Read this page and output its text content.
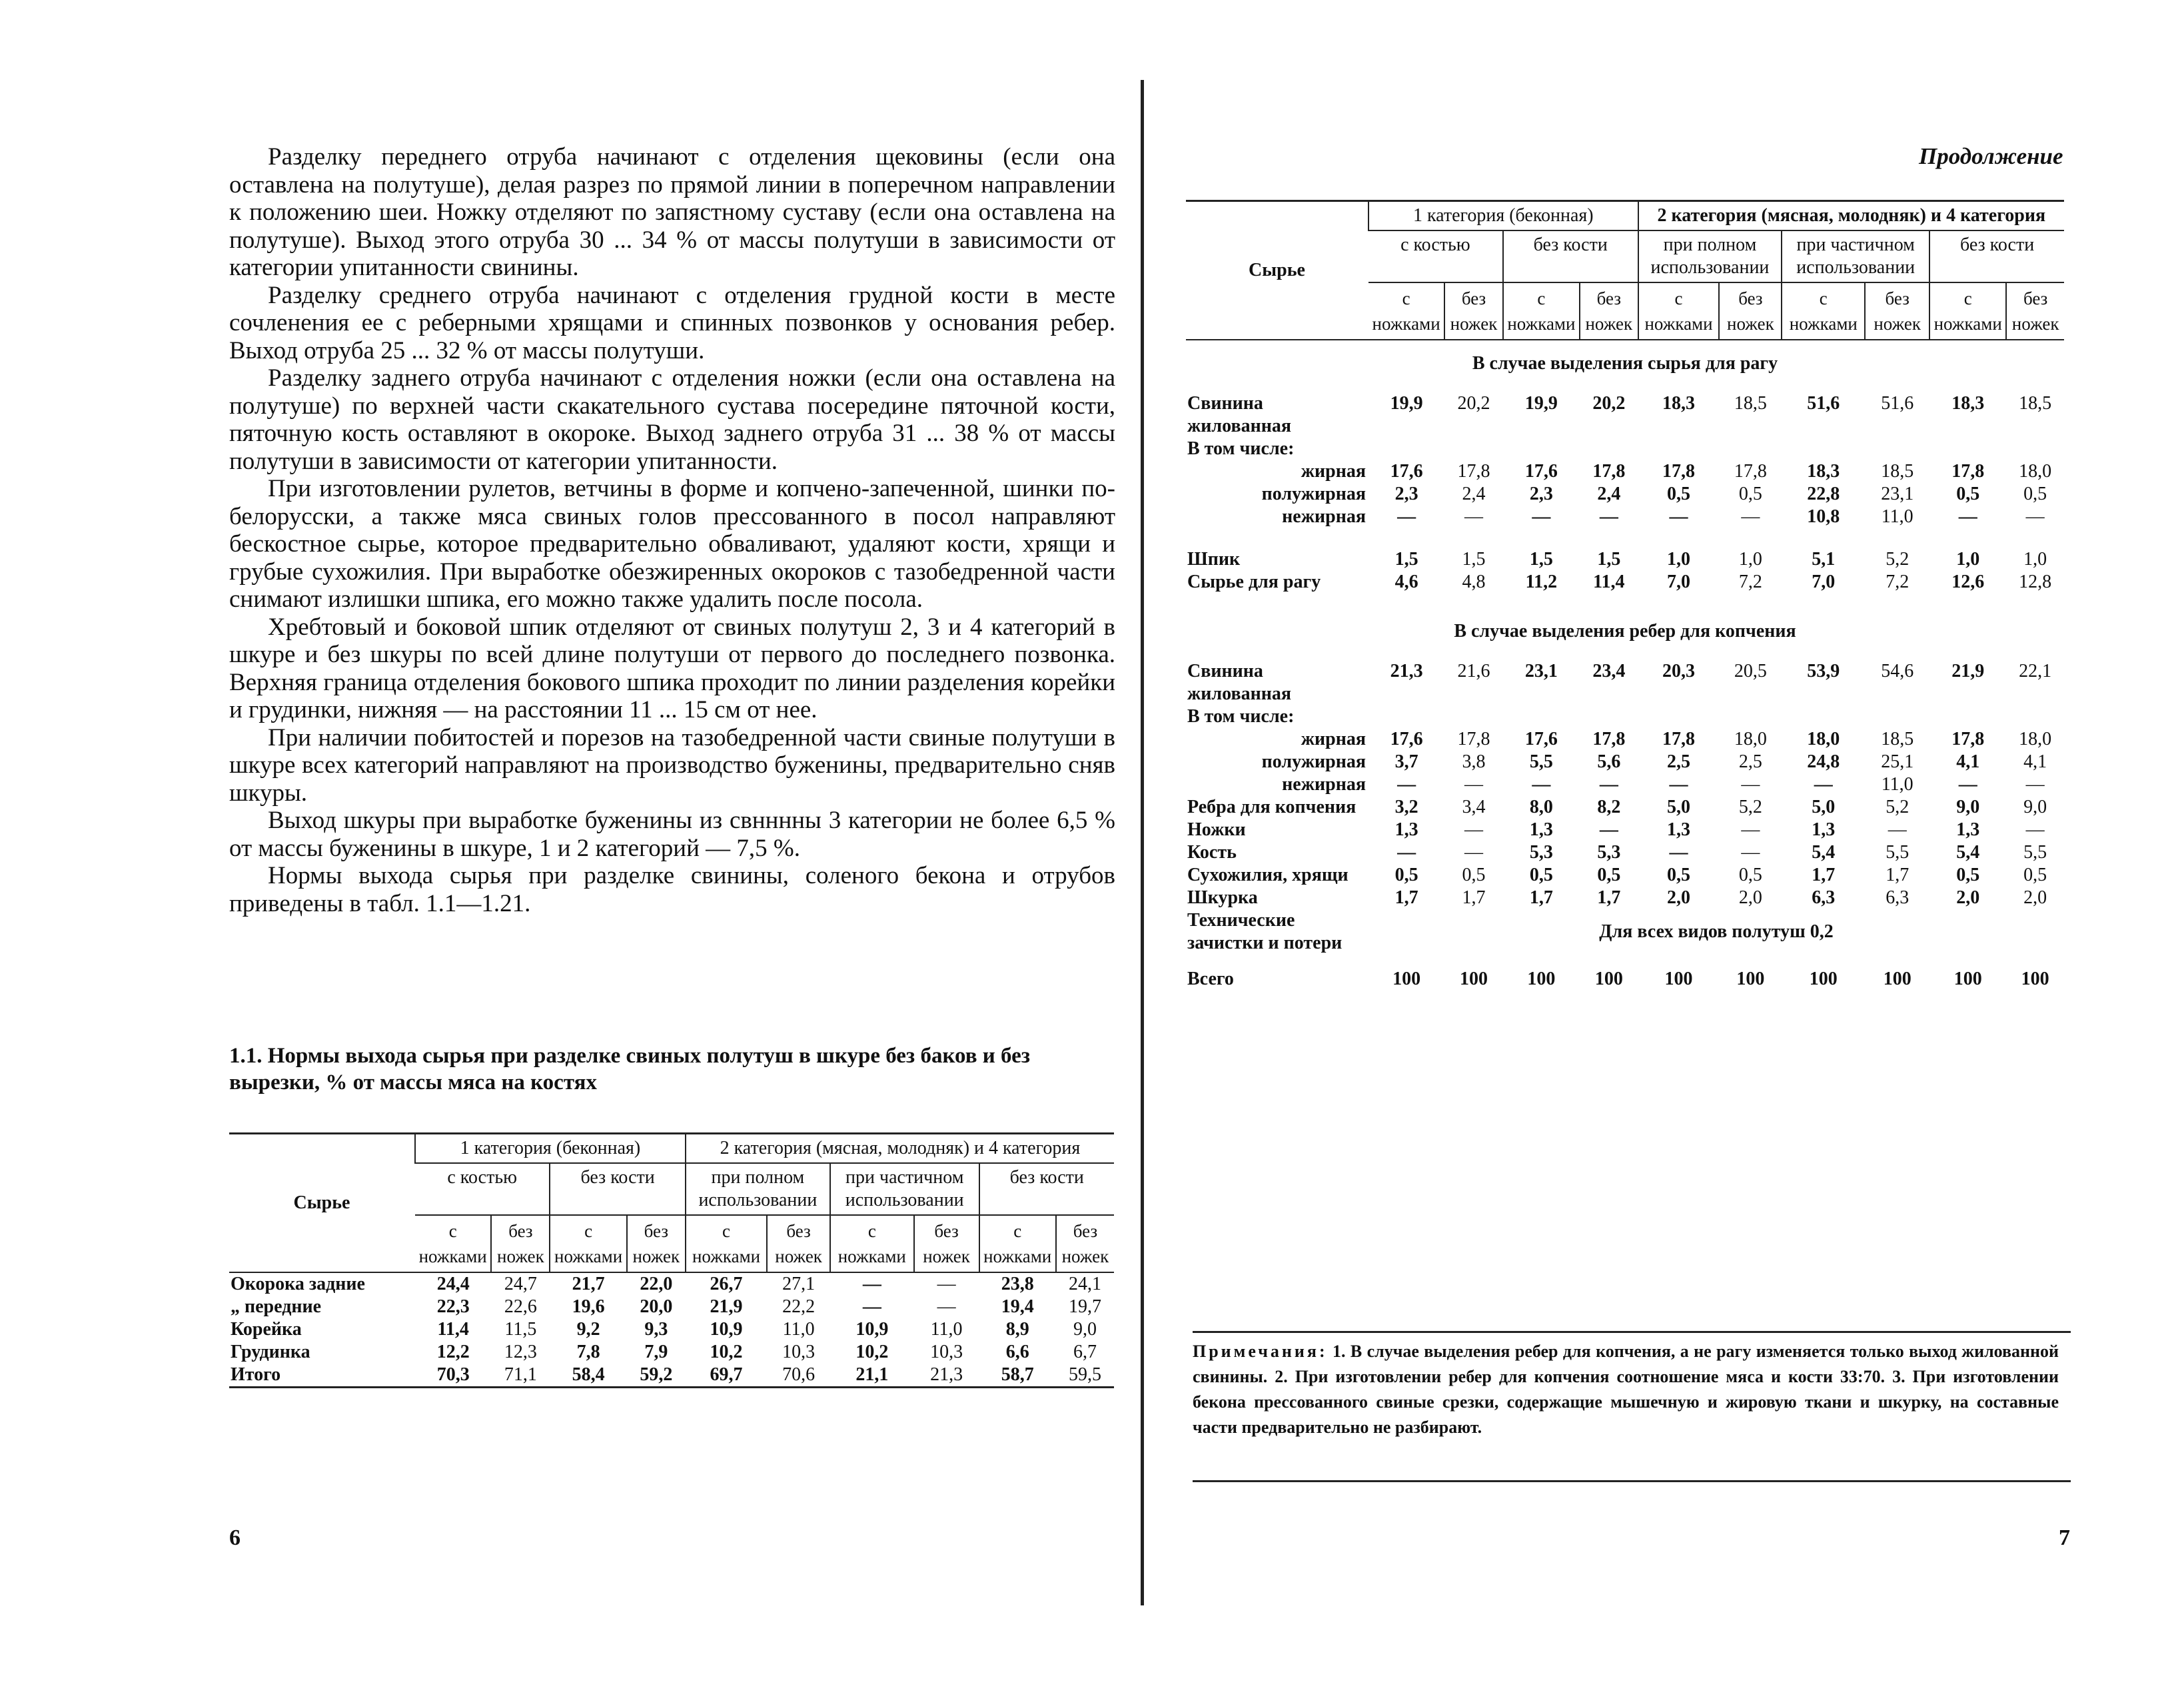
Разделку переднего отруба начинают с отделения щековины (если она оставлена на полутуше), делая разрез по прямой линии в поперечном направлении к положению шеи. Ножку отделяют по запястному суставу (если она оставлена на полутуше). Выход этого отруба 30 ... 34 % от массы полутуши в зависимости от категории упитанности свинины.

Разделку среднего отруба начинают с отделения грудной кости в месте сочленения ее с реберными хрящами и спинных позвонков у основания ребер. Выход отруба 25 ... 32 % от массы полутуши.

Разделку заднего отруба начинают с отделения ножки (если она оставлена на полутуше) по верхней части скакательного сустава посередине пяточной кости, пяточную кость оставляют в окороке. Выход заднего отруба 31 ... 38 % от массы полутуши в зависимости от категории упитанности.

При изготовлении рулетов, ветчины в форме и копчено-запеченной, шинки по-белорусски, а также мяса свиных голов прессованного в посол направляют бескостное сырье, которое предварительно обваливают, удаляют кости, хрящи и грубые сухожилия. При выработке обезжиренных окороков с тазобедренной части снимают излишки шпика, его можно также удалить после посола.

Хребтовый и боковой шпик отделяют от свиных полутуш 2, 3 и 4 категорий в шкуре и без шкуры по всей длине полутуши от первого до последнего позвонка. Верхняя граница отделения бокового шпика проходит по линии разделения корейки и грудинки, нижняя — на расстоянии 11 ... 15 см от нее.

При наличии побитостей и порезов на тазобедренной части свиные полутуши в шкуре всех категорий направляют на производство буженины, предварительно сняв шкуры.

Выход шкуры при выработке буженины из свнннны 3 категории не более 6,5 % от массы буженины в шкуре, 1 и 2 категорий — 7,5 %.

Нормы выхода сырья при разделке свинины, соленого бекона и отрубов приведены в табл. 1.1—1.21.

1.1. Нормы выхода сырья при разделке свиных полутуш в шкуре без баков и без вырезки, % от массы мяса на костях
Сырье	1 категория (беконная)				2 категория (мясная, молодняк) и 4 категория					
	с костью		без кости		при полном использовании		при частичном использовании		без кости	
	с ножками	без ножек	с ножками	без ножек	с ножками	без ножек	с ножками	без ножек	с ножками	без ножек
Окорока задние	24,4	24,7	21,7	22,0	26,7	27,1	—	—	23,8	24,1
„ передние	22,3	22,6	19,6	20,0	21,9	22,2	—	—	19,4	19,7
Корейка	11,4	11,5	9,2	9,3	10,9	11,0	10,9	11,0	8,9	9,0
Грудинка	12,2	12,3	7,8	7,9	10,2	10,3	10,2	10,3	6,6	6,7
Итого	70,3	71,1	58,4	59,2	69,7	70,6	21,1	21,3	58,7	59,5
6
Продолжение
Сырье	1 категория (беконная)				2 категория (мясная, молодняк) и 4 категория					
	с костью		без кости		при полном использовании		при частичном использовании		без кости	
	с ножками	без ножек	с ножками	без ножек	с ножками	без ножек	с ножками	без ножек	с ножками	без ножек
В случае выделения сырья для рагу										
Свинина жилованная	19,9	20,2	19,9	20,2	18,3	18,5	51,6	51,6	18,3	18,5
В том числе:										
жирная	17,6	17,8	17,6	17,8	17,8	17,8	18,3	18,5	17,8	18,0
полужирная	2,3	2,4	2,3	2,4	0,5	0,5	22,8	23,1	0,5	0,5
нежирная	—	—	—	—	—	—	10,8	11,0	—	—

Шпик	1,5	1,5	1,5	1,5	1,0	1,0	5,1	5,2	1,0	1,0
Сырье для рагу	4,6	4,8	11,2	11,4	7,0	7,2	7,0	7,2	12,6	12,8
В случае выделения ребер для копчения										
Свинина жилованная	21,3	21,6	23,1	23,4	20,3	20,5	53,9	54,6	21,9	22,1
В том числе:										
жирная	17,6	17,8	17,6	17,8	17,8	18,0	18,0	18,5	17,8	18,0
полужирная	3,7	3,8	5,5	5,6	2,5	2,5	24,8	25,1	4,1	4,1
нежирная	—	—	—	—	—	—	—	11,0	—	—
Ребра для копчения	3,2	3,4	8,0	8,2	5,0	5,2	5,0	5,2	9,0	9,0
Ножки	1,3	—	1,3	—	1,3	—	1,3	—	1,3	—
Кость	—	—	5,3	5,3	—	—	5,4	5,5	5,4	5,5
Сухожилия, хрящи	0,5	0,5	0,5	0,5	0,5	0,5	1,7	1,7	0,5	0,5
Шкурка	1,7	1,7	1,7	1,7	2,0	2,0	6,3	6,3	2,0	2,0
Технические зачистки и потери	Для всех видов полутуш 0,2									

Всего	100	100	100	100	100	100	100	100	100	100
Примечания: 1. В случае выделения ребер для копчения, а не рагу изменяется только выход жилованной свинины. 2. При изготовлении ребер для копчения соотношение мяса и кости 33:70. 3. При изготовлении бекона прессованного свиные срезки, содержащие мышечную и жировую ткани и шкурку, на составные части предварительно не разбирают.
7
